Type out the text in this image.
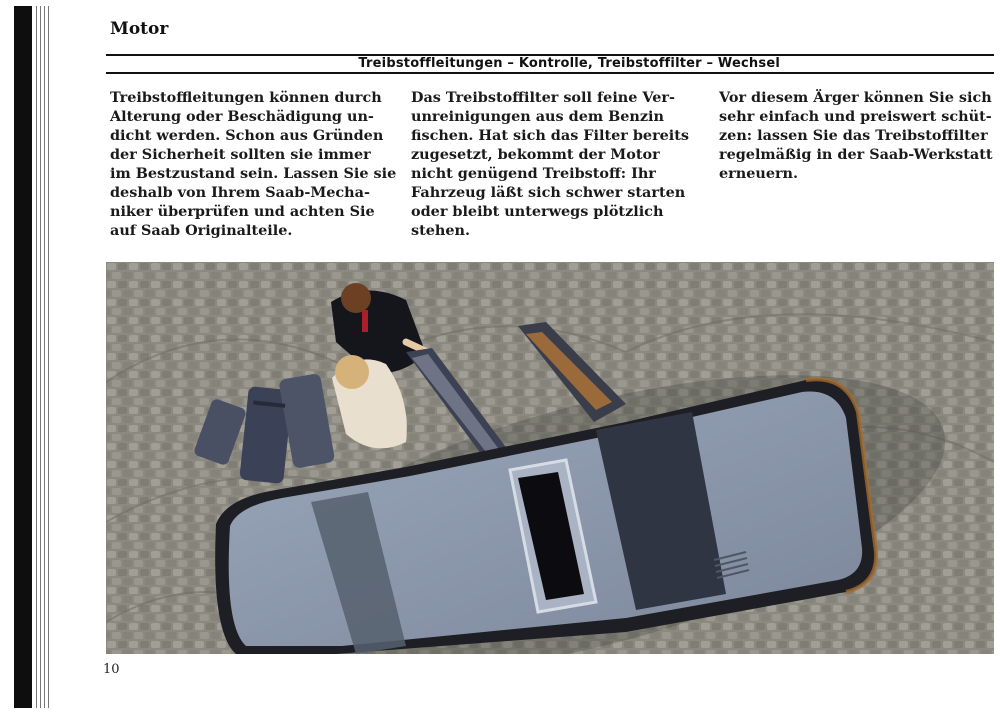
Motor
Treibstoffleitungen – Kontrolle, Treibstoffilter – Wechsel
Treibstoffleitungen können durch
Alterung oder Beschädigung un-
dicht werden. Schon aus Gründen
der Sicherheit sollten sie immer
im Bestzustand sein. Lassen Sie sie
deshalb von Ihrem Saab-Mecha-
niker überprüfen und achten Sie
auf Saab Originalteile.
Das Treibstoffilter soll feine Ver-
unreinigungen aus dem Benzin
fischen. Hat sich das Filter bereits
zugesetzt, bekommt der Motor
nicht genügend Treibstoff: Ihr
Fahrzeug läßt sich schwer starten
oder bleibt unterwegs plötzlich
stehen.
Vor diesem Ärger können Sie sich
sehr einfach und preiswert schüt-
zen: lassen Sie das Treibstoffilter
regelmäßig in der Saab-Werkstatt
erneuern.
10
